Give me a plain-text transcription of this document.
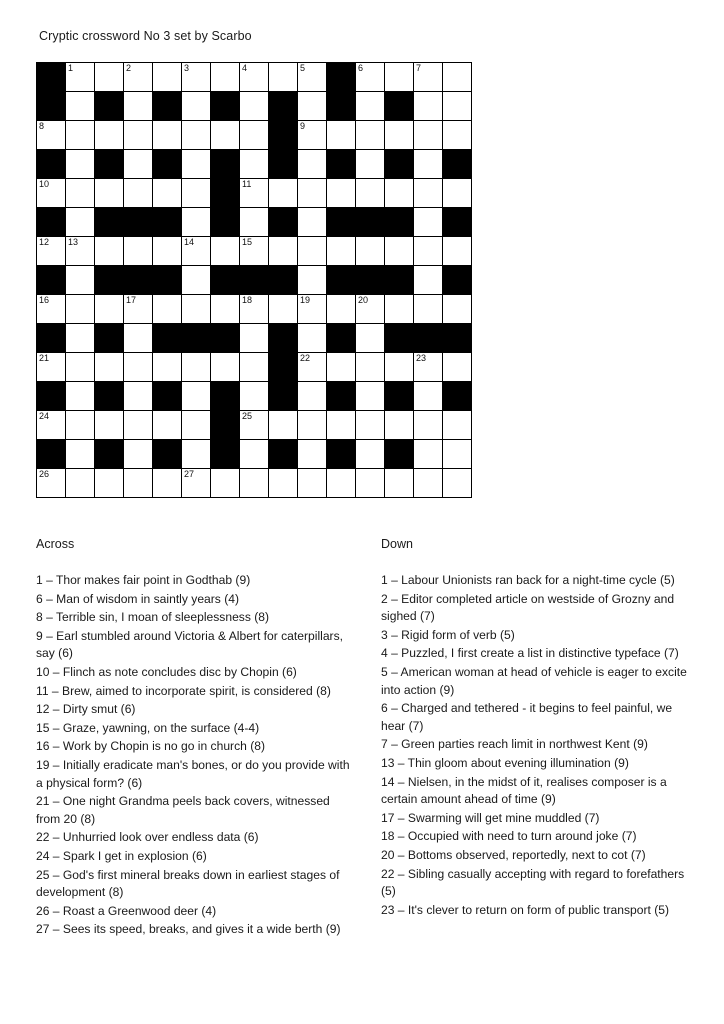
Cryptic crossword No 3 set by Scarbo

	1		2		3		4		5		6		7	

8									9					

10							11							

12	13				14		15							

16			17				18		19		20			

21									22				23	

24							25							

26					27									

Across
1 – Thor makes fair point in Godthab (9)
6 – Man of wisdom in saintly years (4)
8 – Terrible sin, I moan of sleeplessness (8)
9 – Earl stumbled around Victoria & Albert for caterpillars, say (6)
10 – Flinch as note concludes disc by Chopin (6)
11 – Brew, aimed to incorporate spirit, is considered (8)
12 – Dirty smut (6)
15 – Graze, yawning, on the surface (4-4)
16 – Work by Chopin is no go in church (8)
19 – Initially eradicate man's bones, or do you provide with a physical form? (6)
21 – One night Grandma peels back covers, witnessed from 20 (8)
22 – Unhurried look over endless data (6)
24 – Spark I get in explosion (6)
25 – God's first mineral breaks down in earliest stages of development (8)
26 – Roast a Greenwood deer (4)
27 – Sees its speed, breaks, and gives it a wide berth (9)
Down
1 – Labour Unionists ran back for a night-time cycle (5)
2 – Editor completed article on westside of Grozny and sighed (7)
3 – Rigid form of verb (5)
4 – Puzzled, I first create a list in distinctive typeface (7)
5 – American woman at head of vehicle is eager to excite into action (9)
6 – Charged and tethered - it begins to feel painful, we hear (7)
7 – Green parties reach limit in northwest Kent (9)
13 – Thin gloom about evening illumination (9)
14 – Nielsen, in the midst of it, realises composer is a certain amount ahead of time (9)
17 – Swarming will get mine muddled (7)
18 – Occupied with need to turn around joke (7)
20 – Bottoms observed, reportedly, next to cot (7)
22 – Sibling casually accepting with regard to forefathers (5)
23 – It's clever to return on form of public transport (5)
